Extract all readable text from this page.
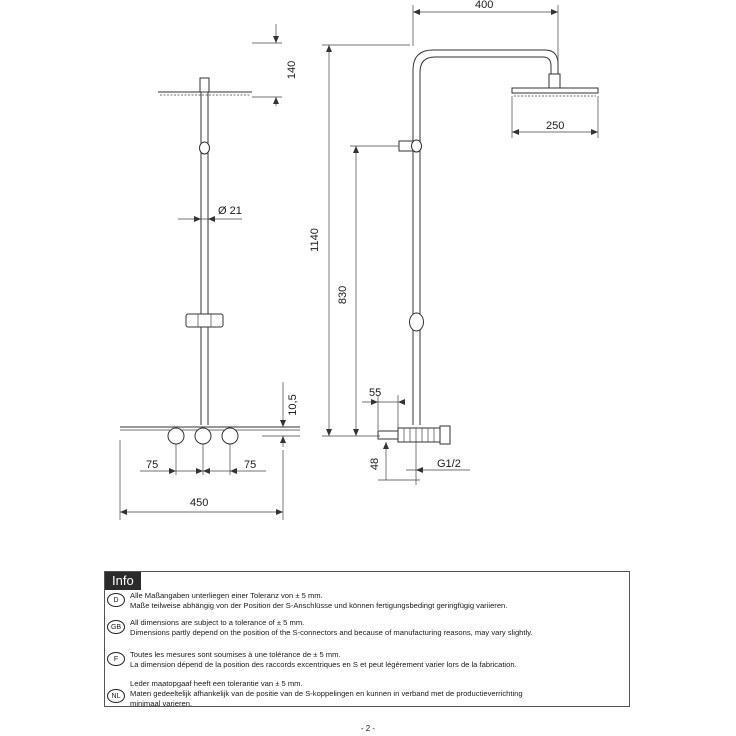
140
Ø 21
10,5
75	75
450
400
250
1140
830
55
48	G1/2
Info
D
Alle Maßangaben unterliegen einer Toleranz von ± 5 mm.
Maße teilweise abhängig von der Position der S-Anschlüsse und können fertigungsbedingt geringfügig variieren.
GB
All dimensions are subject to a tolerance of ± 5 mm.
Dimensions partly depend on the position of the S-connectors and because of manufacturing reasons, may vary slightly.
F
Toutes les mesures sont soumises à une tolérance de ± 5 mm.
La dimension dépend de la position des raccords excentriques en S et peut légèrement varier lors de la fabrication.
NL
Leder maatopgaaf heeft een tolerantie van ± 5 mm.
Maten gedeeltelijk afhankelijk van de positie van de S-koppelingen en kunnen in verband met de productieverrichting
minimaal varieren.
- 2 -
